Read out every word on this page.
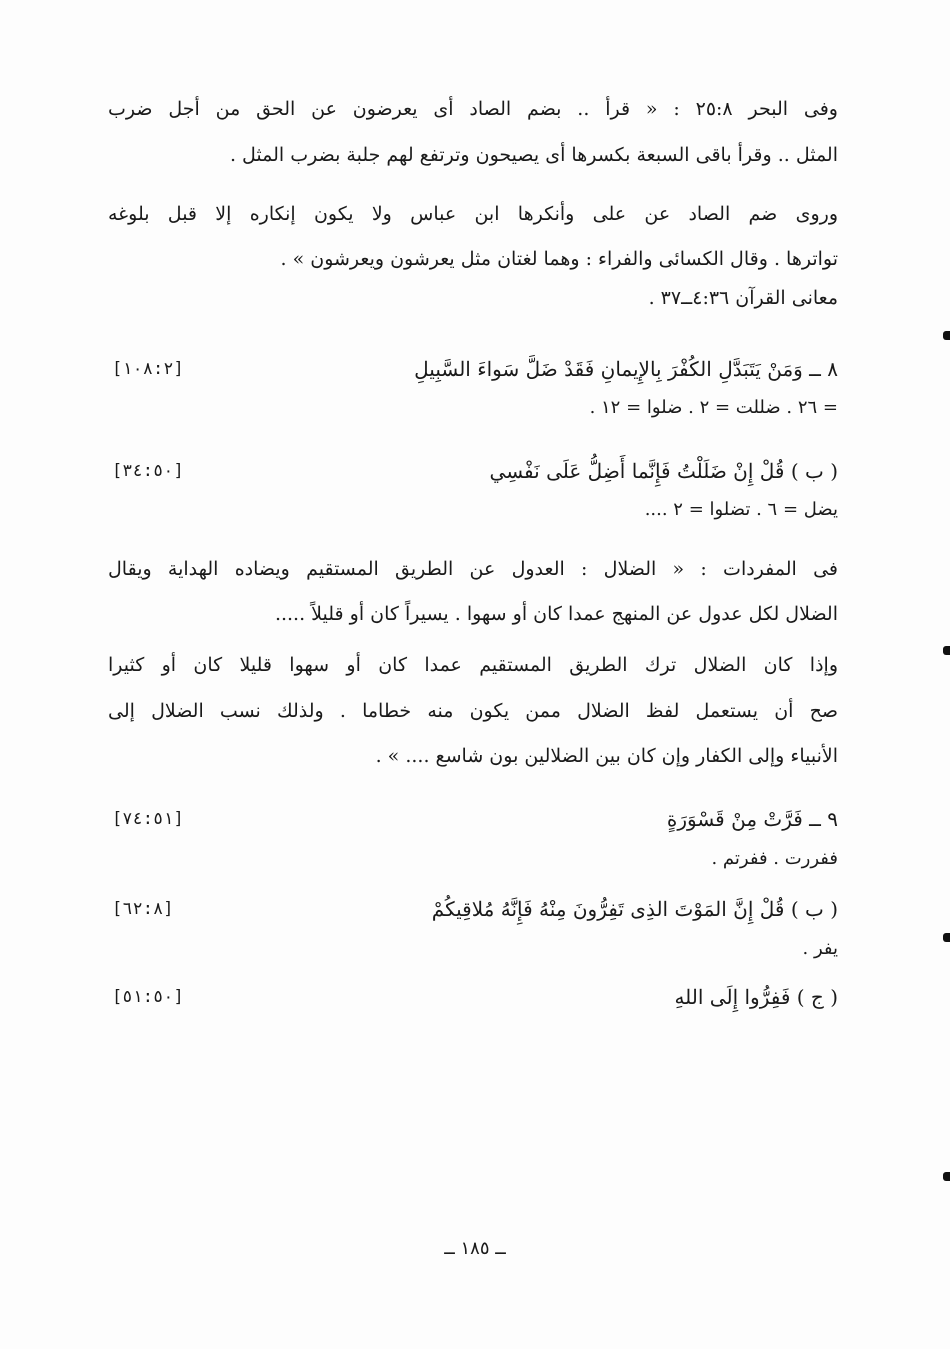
وفى البحر ٢٥:٨ : « قرأ .. بضم الصاد أى يعرضون عن الحق من أجل ضرب
المثل .. وقرأ باقى السبعة بكسرها أى يصيحون وترتفع لهم جلبة بضرب المثل .
وروى ضم الصاد عن على وأنكرها ابن عباس ولا يكون إنكاره إلا قبل بلوغه
تواترها . وقال الكسائى والفراء : وهما لغتان مثل يعرشون ويعرشون » .
معانى القرآن ٤:٣٦ــ٣٧ .
٨ ــ وَمَنْ يَتَبَدَّلِ الكُفْرَ بِالإِيمانِ فَقَدْ ضَلَّ سَواءَ السَّبِيلِ
[١٠٨:٢]
= ٢٦ . ضللت = ٢ . ضلوا = ١٢ .
( ب ) قُلْ إِنْ ضَلَلْتُ فَإِنَّما أَضِلُّ عَلَى نَفْسِي
[٣٤:٥٠]
يضل = ٦ . تضلوا = ٢ ....
فى المفردات : « الضلال : العدول عن الطريق المستقيم ويضاده الهداية ويقال
الضلال لكل عدول عن المنهج عمدا كان أو سهوا . يسيراً كان أو قليلاً .....
وإذا كان الضلال ترك الطريق المستقيم عمدا كان أو سهوا قليلا كان أو كثيرا
صح أن يستعمل لفظ الضلال ممن يكون منه خطاما . ولذلك نسب الضلال إلى
الأنبياء وإلى الكفار وإن كان بين الضلالين بون شاسع .... » .
٩ ــ فَرَّتْ مِنْ قَسْوَرَةٍ
[٧٤:٥١]
ففررت . ففرتم .
( ب ) قُلْ إِنَّ المَوْتَ الذِى تَفِرُّونَ مِنْهُ فَإِنَّهُ مُلاقِيكُمْ
[٦٢:٨]
يفر .
( ج ) فَفِرُّوا إِلَى اللهِ
[٥١:٥٠]
ــ ١٨٥ ــ
